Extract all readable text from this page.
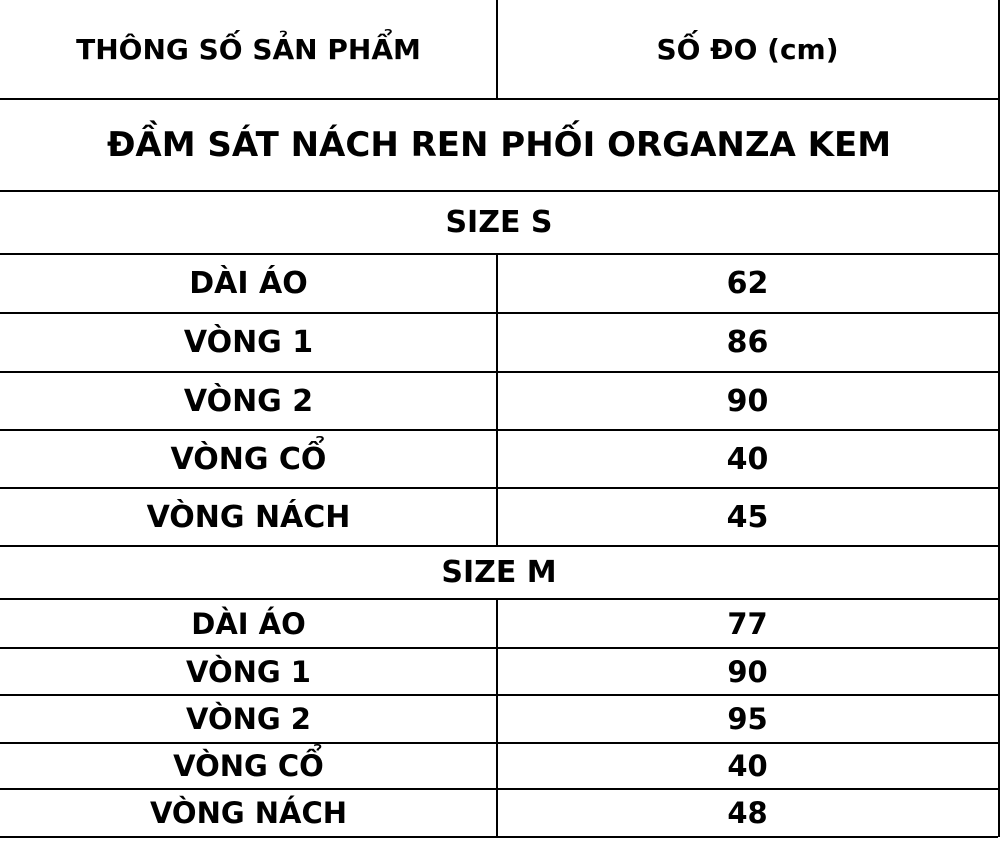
THÔNG SỐ SẢN PHẨM	SỐ ĐO (cm)
ĐẦM SÁT NÁCH REN PHỐI ORGANZA KEM
SIZE S
DÀI ÁO	62
VÒNG 1	86
VÒNG 2	90
VÒNG CỔ	40
VÒNG NÁCH	45
SIZE M
DÀI ÁO	77
VÒNG 1	90
VÒNG 2	95
VÒNG CỔ	40
VÒNG NÁCH	48
